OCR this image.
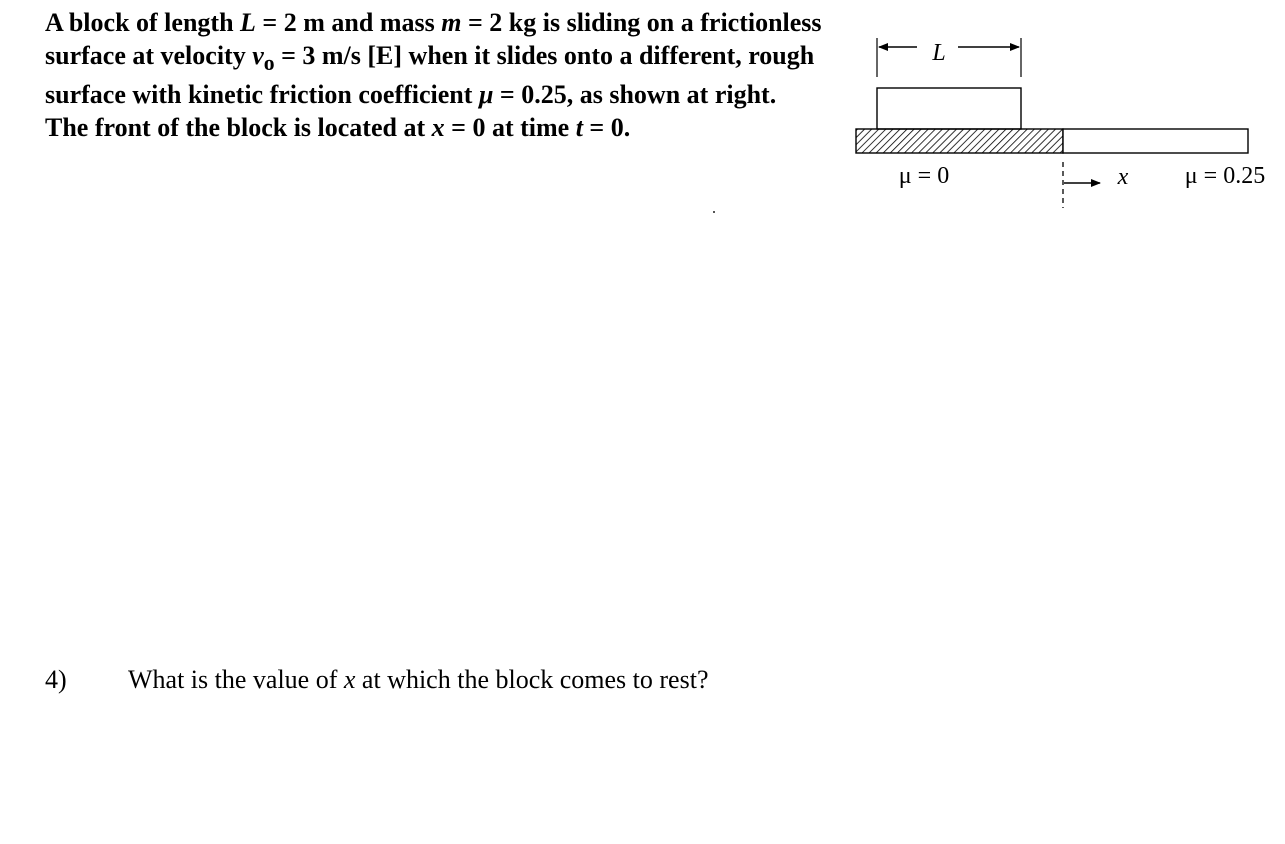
A block of length L = 2 m and mass m = 2 kg is sliding on a frictionless surface at velocity $v_o = 3$ m/s [E] when it slides onto a different, rough surface with kinetic friction coefficient μ = 0.25, as shown at right. The front of the block is located at x = 0 at time t = 0.

L
μ = 0	x μ = 0.25
4) What is the value of x at which the block comes to rest?
